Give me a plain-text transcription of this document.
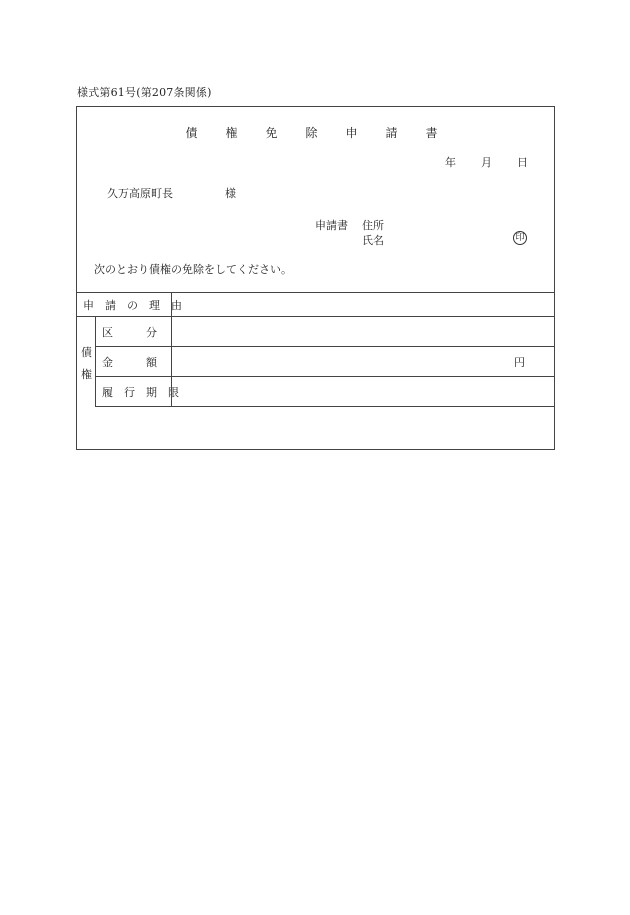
様式第61号(第207条関係)
債　権　免　除　申　請　書
年 月 日
久万高原町長	様
申請書 住所
氏名	印
次のとおり債権の免除をしてください。
申　請　の　理　由
債
権
区　　　分
金　　　額	円
履　行　期　限
